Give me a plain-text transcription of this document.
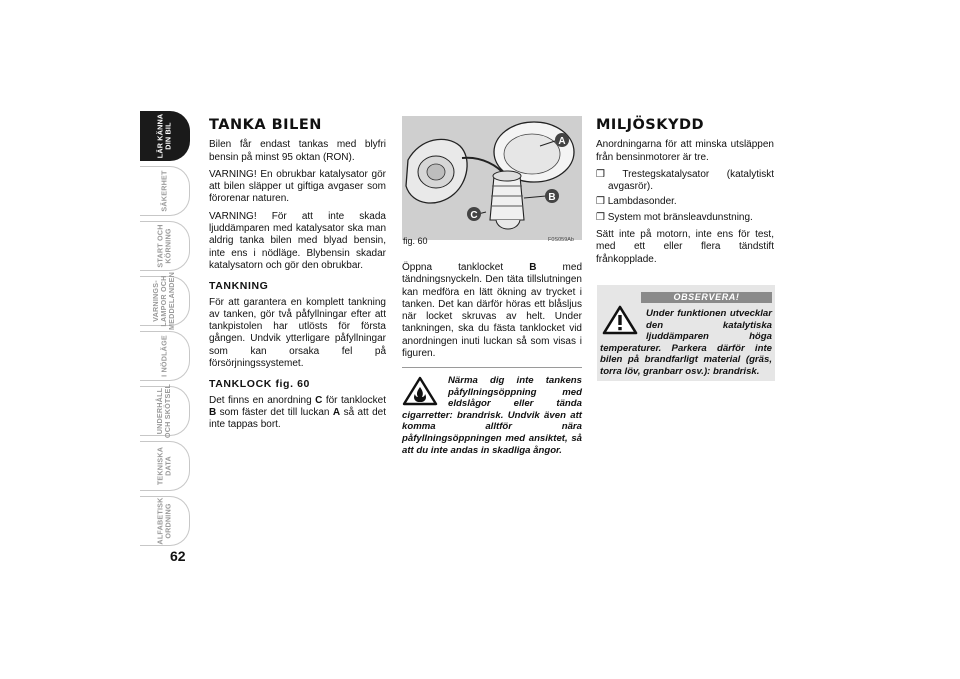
LÄR KÄNNA
DIN BIL
SÄKERHET
START OCH
KÖRNING
VARNINGS-
LAMPOR OCH
MEDDELANDEN
I NÖDLÄGE
UNDERHÅLL
OCH SKÖTSEL
TEKNISKA
DATA
ALFABETISK
ORDNING
62
TANKA BILEN

Bilen får endast tankas med blyfri bensin på minst 95 oktan (RON).

VARNING! En obrukbar katalysator gör att bilen släpper ut giftiga avgaser som förorenar naturen.

VARNING! För att inte skada ljuddämparen med katalysator ska man aldrig tanka bilen med blyad bensin, inte ens i nödläge. Blybensin skadar katalysatorn och gör den obrukbar.

TANKNING

För att garantera en komplett tankning av tanken, gör två påfyllningar efter att tankpistolen har utlösts för första gången. Undvik ytterligare påfyllningar som kan orsaka fel på försörjningssystemet.

TANKLOCK fig. 60

Det finns en anordning C för tanklocket B som fäster det till luckan A så att det inte tappas bort.

A
B
C
fig. 60	F0S059Ab

Öppna tanklocket B med tändningsnyckeln. Den täta tillslutningen kan medföra en lätt ökning av trycket i tanken. Det kan därför höras ett blåsljus när locket skruvas av helt. Under tankningen, ska du fästa tanklocket vid anordningen inuti luckan så som visas i figuren.

Närma dig inte tankens påfyllningsöppning med eldslågor eller tända cigarretter: brandrisk. Undvik även att komma alltför nära påfyllningsöppningen med ansiktet, så att du inte andas in skadliga ångor.
MILJÖSKYDD

Anordningarna för att minska utsläppen från bensinmotorer är tre.

❒ Trestegskatalysator (katalytiskt avgasrör).
❒ Lambdasonder.
❒ System mot bränsleavdunstning.

Sätt inte på motorn, inte ens för test, med ett eller flera tändstift frånkopplade.

OBSERVERA!
Under funktionen utvecklar den katalytiska ljuddämparen höga temperaturer. Parkera därför inte bilen på brandfarligt material (gräs, torra löv, granbarr osv.): brandrisk.
